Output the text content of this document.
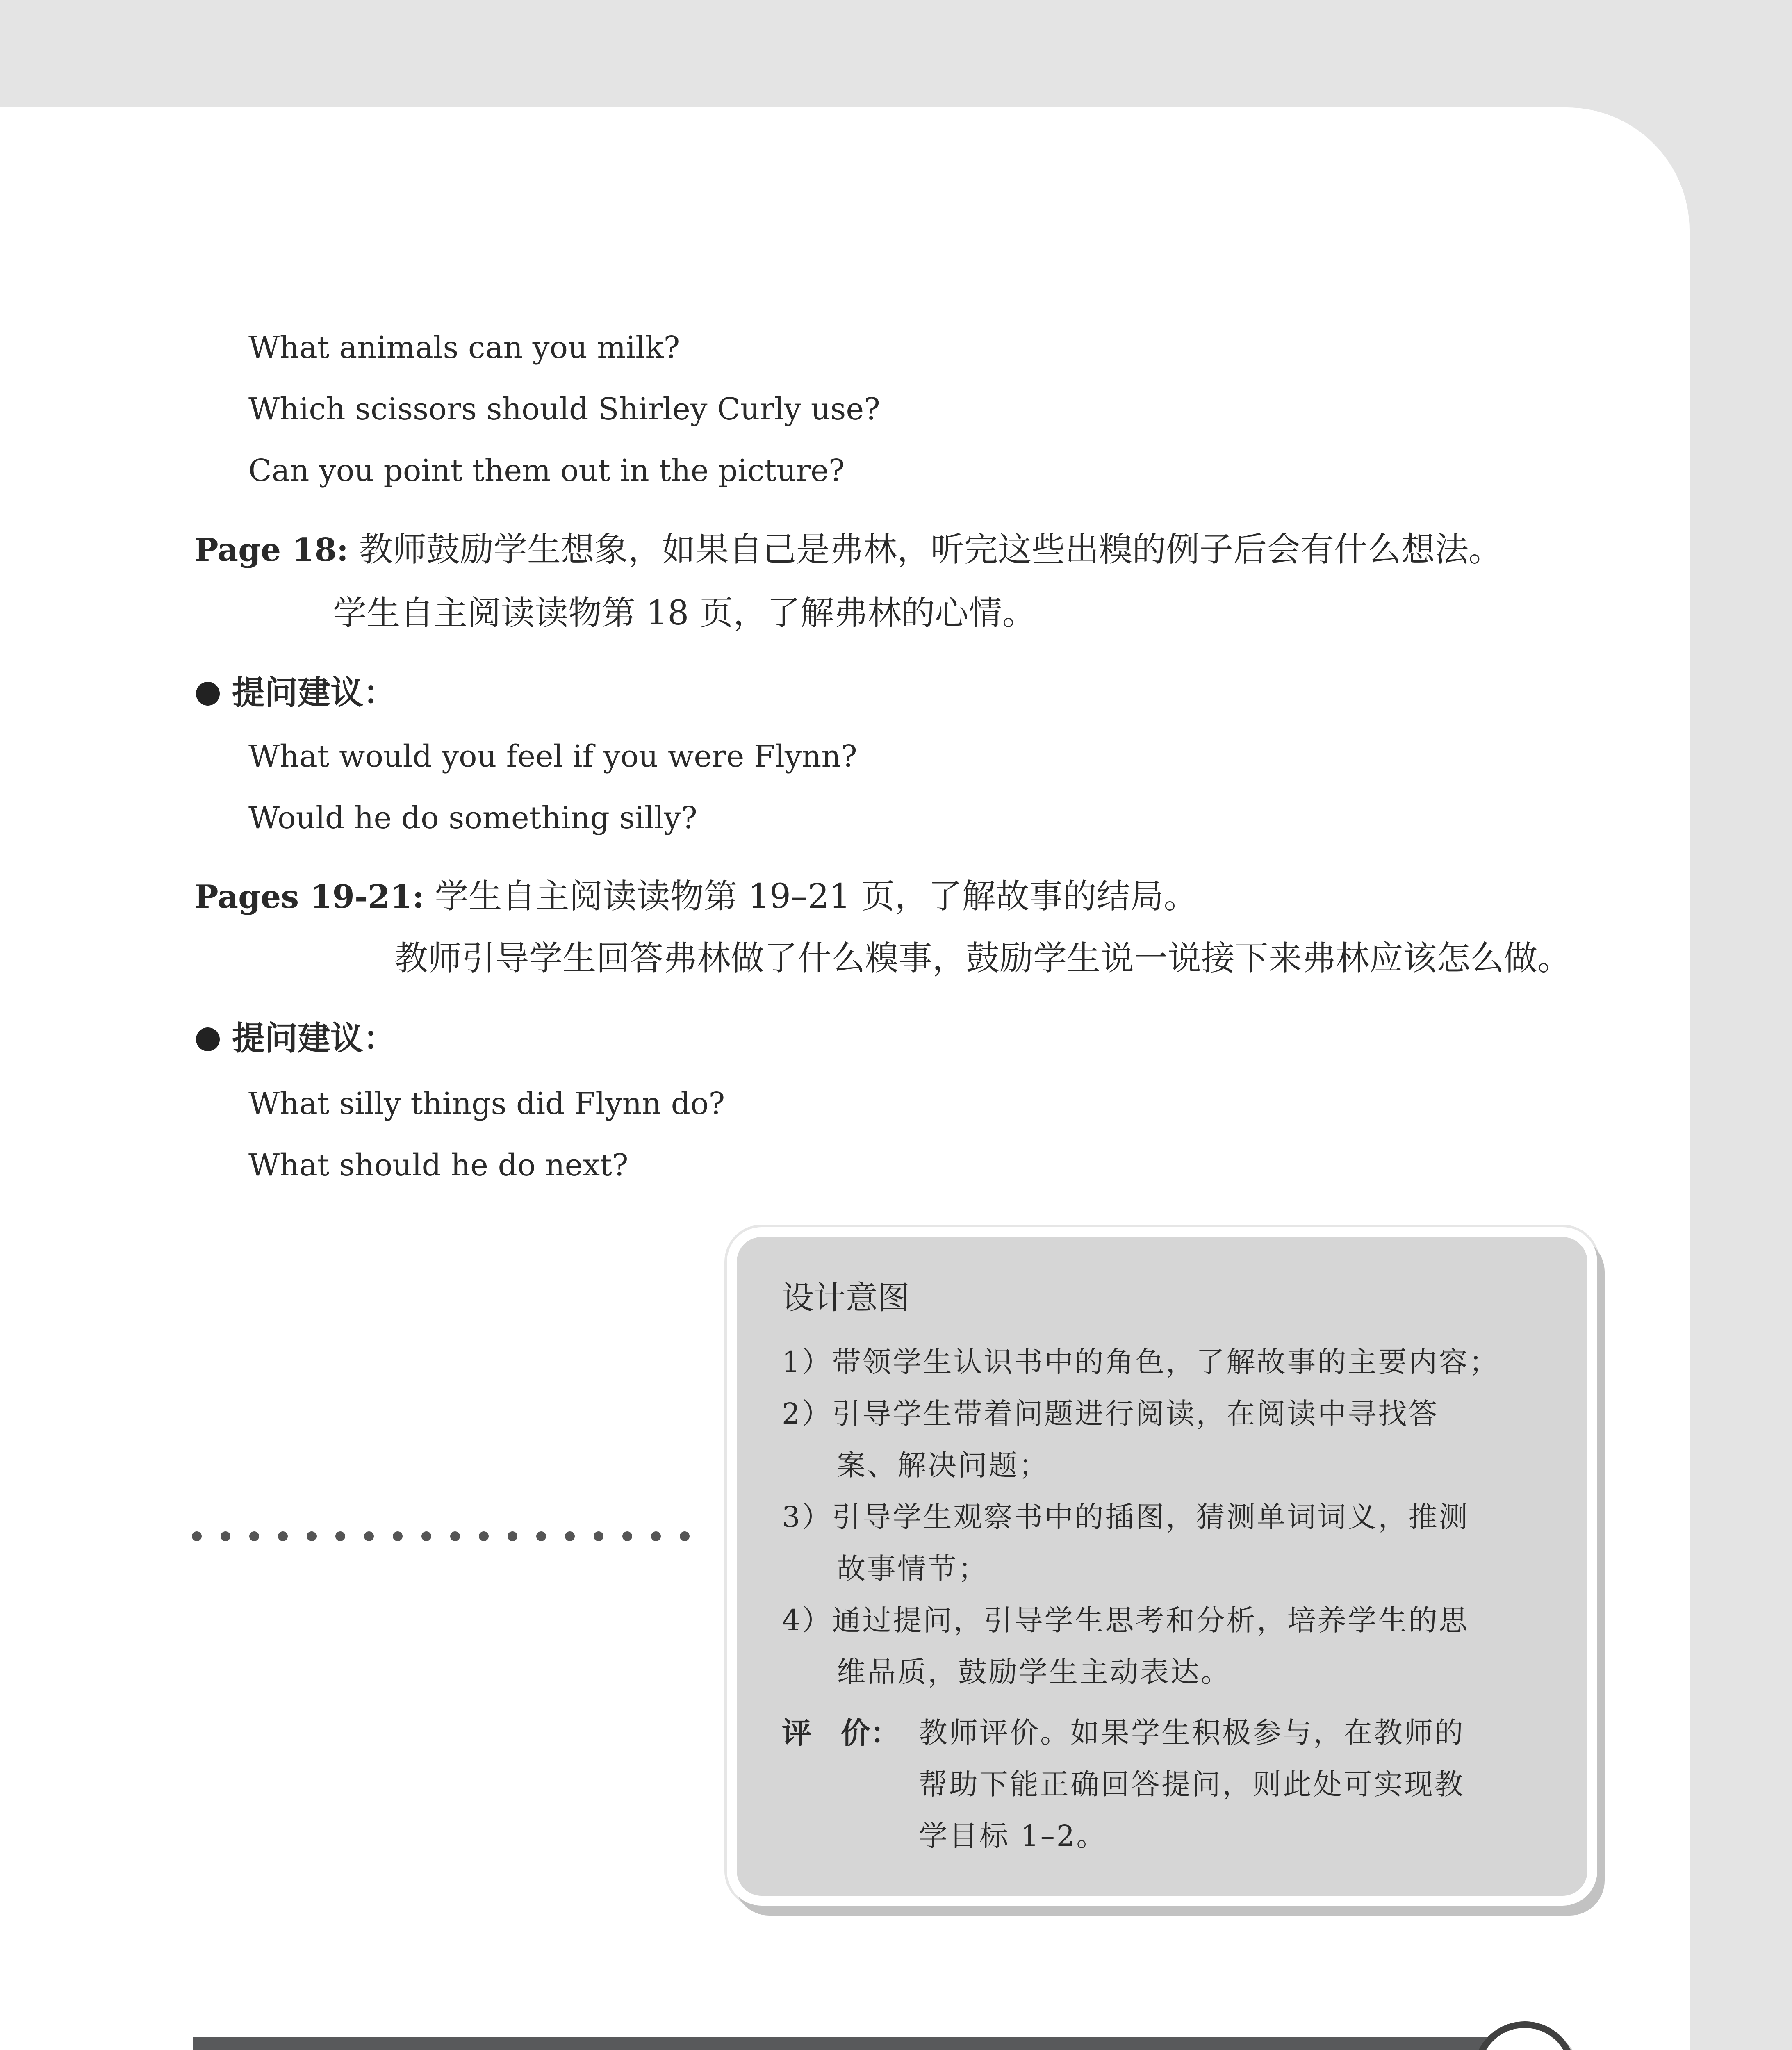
What animals can you milk?
Which scissors should Shirley Curly use?
Can you point them out in the picture?
Page 18: 教师鼓励学生想象，如果自己是弗林，听完这些出糗的例子后会有什么想法。
学生自主阅读读物第 18 页，了解弗林的心情。
提问建议：
What would you feel if you were Flynn?
Would he do something silly?
Pages 19-21: 学生自主阅读读物第 19–21 页，了解故事的结局。
教师引导学生回答弗林做了什么糗事，鼓励学生说一说接下来弗林应该怎么做。
提问建议：
What silly things did Flynn do?
What should he do next?
设计意图
1）带领学生认识书中的角色，了解故事的主要内容；
2）引导学生带着问题进行阅读，在阅读中寻找答
案、解决问题；
3）引导学生观察书中的插图，猜测单词词义，推测
故事情节；
4）通过提问，引导学生思考和分析，培养学生的思
维品质，鼓励学生主动表达。
评　价： 教师评价。如果学生积极参与，在教师的
帮助下能正确回答提问，则此处可实现教
学目标 1–2。
